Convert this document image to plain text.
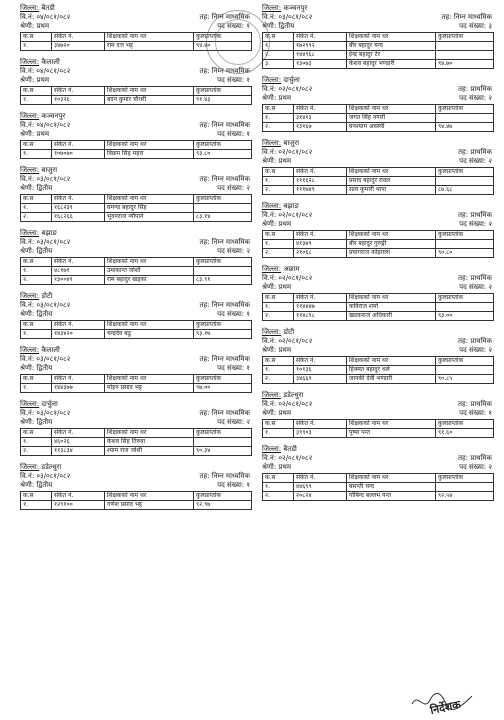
जिल्ला: बैतडी
वि.नं: ०४/०८१/०८२	तह: निम्न माध्यमिक
श्रेणी: प्रथम	पद संख्या: १
क.स	संकेत नं.	शिक्षकको नाम थर	कुलप्राप्तांक
१.	३४७२०	राम दत्त भट्ट	९४.४०
जिल्ला: कैलाली
वि.नं: ०४/०८१/०८२	तह: निम्न माध्यमिक
श्रेणी: प्रथम	पद संख्या: १
क.स	संकेत नं.	शिक्षकको नाम थर	कुलप्राप्तांक
१.	१०३२६	बदन कुमार चौधरी	९१.४३
जिल्ला: कञ्चनपुर
वि.नं: ०४/०८१/०८२	तह: निम्न माध्यमिक
श्रेणी: प्रथम	पद संख्या: १
क.स	संकेत नं.	शिक्षकको नाम थर	कुलप्राप्तांक
१.	१०७०७०	विक्रम सिंह महरा	९३.८०
जिल्ला: बाजुरा
वि.नं: ०३/०८१/०८२	तह: निम्न माध्यमिक
श्रेणी: द्वितीय	पद संख्या: २
क.स	संकेत नं.	शिक्षकको नाम थर	कुलप्राप्तांक
१.	१६८२३१	घमण्ड बहादुर सिंह	
२.	१६८२६६	भुवनराज न्यौपाने	८३.१४
जिल्ला: बझाङ
वि.नं: ०३/०८१/०८२	तह: निम्न माध्यमिक
श्रेणी: द्वितीय	पद संख्या: २
क.स	संकेत नं.	शिक्षकको नाम थर	कुलप्राप्तांक
१.	४८१७१	उमाकान्त जोशी	
२.	१३००४१	राम बहादुर खड्का	८३.९१
जिल्ला: डोटी
वि.नं: ०३/०८१/०८२	तह: निम्न माध्यमिक
श्रेणी: द्वितीय	पद संख्या: १
क.स	संकेत नं.	शिक्षकको नाम थर	कुलप्राप्तांक
१.	१४३४२०	चन्द्रदेव बडु	९३.१७
जिल्ला: कैलाली
वि.नं: ०३/०८१/०८२	तह: निम्न माध्यमिक
श्रेणी: द्वितीय	पद संख्या: १
क.स	संकेत नं.	शिक्षकको नाम थर	कुलप्राप्तांक
१.	१४४३७७	मोहन प्रसाद भट्ट	९७.००
जिल्ला: दार्चुला
वि.नं: ०३/०८१/०८२	तह: निम्न माध्यमिक
श्रेणी: द्वितीय	पद संख्या: २
क.स	संकेत नं.	शिक्षकको नाम थर	कुलप्राप्तांक
१.	४६०२६	केशव सिंह तिरुवा	
२.	११३८३४	श्याम राज जोशी	९०.३४
जिल्ला: डडेल्धुरा
वि.नं: ०३/०८१/०८२	तह: निम्न माध्यमिक
श्रेणी: द्वितीय	पद संख्या: १
क.स	संकेत नं.	शिक्षकको नाम थर	कुलप्राप्तांक
१.	१२९१००	गणेश प्रसाद भट्ट	९२.९७
जिल्ला: कञ्चनपुर
वि.नं: ०३/०८१/०८२	तह: निम्न माध्यमिक
श्रेणी: द्वितीय	पद संख्या: ३
क.स	संकेत नं.	शिक्षकको नाम थर	कुलप्राप्तांक
१.	१७२९९२	बीर बहादुर चन्द	
२.	१४४९६८	ईन्द्र बहादुर टेर	
३.	१३०७३	केशव बहादुर भण्डारी	९४.७०
जिल्ला: दार्चुला
वि.नं: ०२/०८१/०८२	तह: प्राथमिक
श्रेणी: प्रथम	पद संख्या: २
क.स	संकेत नं.	शिक्षकको नाम थर	कुलप्राप्तांक
१.	३१४१३	जगत सिंह नगारी	
२.	१३१६७	घनश्याम अवस्थी	९४.४७
जिल्ला: बाजुरा
वि.नं: ०२/०८१/०८२	तह: प्राथमिक
श्रेणी: प्रथम	पद संख्या: २
क.स	संकेत नं.	शिक्षकको नाम थर	कुलप्राप्तांक
१.	१११६२८	प्रसाद बहादुर रावल	
२.	१११७४९	सत्य कुमारी थापा	८७.६८
जिल्ला: बझाङ
वि.नं: ०२/०८१/०८२	तह: प्राथमिक
श्रेणी: प्रथम	पद संख्या: २
क.स	संकेत नं.	शिक्षकको नाम थर	कुलप्राप्तांक
१.	४१३७९	बीर बहादुर गुरुङ्गी	
२.	२१०६८	प्रयागराज कोइराला	९०.८०
जिल्ला: अछाम
वि.नं: ०२/०८१/०८२	तह: प्राथमिक
श्रेणी: प्रथम	पद संख्या: २
क.स	संकेत नं.	शिक्षकको नाम थर	कुलप्राप्तांक
१.	११४४४७	कविराज शर्मा	
२.	११४८९८	खडकराज अधिकारी	९३.००
जिल्ला: डोटी
वि.नं: ०२/०८१/०८२	तह: प्राथमिक
श्रेणी: प्रथम	पद संख्या: २
क.स	संकेत नं.	शिक्षकको नाम थर	कुलप्राप्तांक
१.	१०१३६	हिक्मत बहादुर थले	
२.	३४६६९	जानकी देवी भण्डारी	९०.८५
जिल्ला: डडेल्धुरा
वि.नं: ०२/०८१/०८२	तह: प्राथमिक
श्रेणी: प्रथम	पद संख्या: १
क.स	संकेत नं.	शिक्षकको नाम थर	कुलप्राप्तांक
१.	३९९०३	पुष्पा पन्त	९१.६०
जिल्ला: बैतडी
वि.नं: ०२/०८१/०८२	तह: प्राथमिक
श्रेणी: प्रथम	पद संख्या: २
क.स	संकेत नं.	शिक्षकको नाम थर	कुलप्राप्तांक
१.	४४६९९	बसन्ती चन्द	
२.	२०८२४	गोबिन्द बल्लभ पन्त	९२.५४
निर्देशक
